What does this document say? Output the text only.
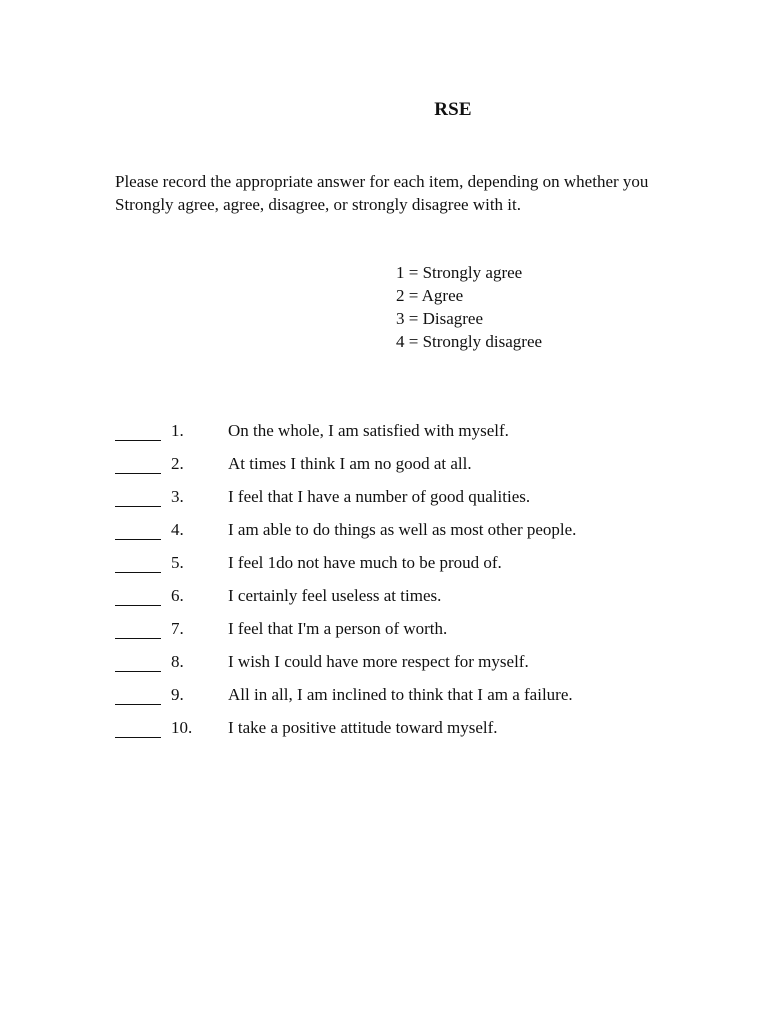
RSE
Please record the appropriate answer for each item, depending on whether you
Strongly agree, agree, disagree, or strongly disagree with it.
1 = Strongly agree
2 = Agree
3 = Disagree
4 = Strongly disagree
1.	On the whole, I am satisfied with myself.
2.	At times I think I am no good at all.
3.	I feel that I have a number of good qualities.
4.	I am able to do things as well as most other people.
5.	I feel 1do not have much to be proud of.
6.	I certainly feel useless at times.
7.	I feel that I'm a person of worth.
8.	I wish I could have more respect for myself.
9.	All in all, I am inclined to think that I am a failure.
10. I take a positive attitude toward myself.
